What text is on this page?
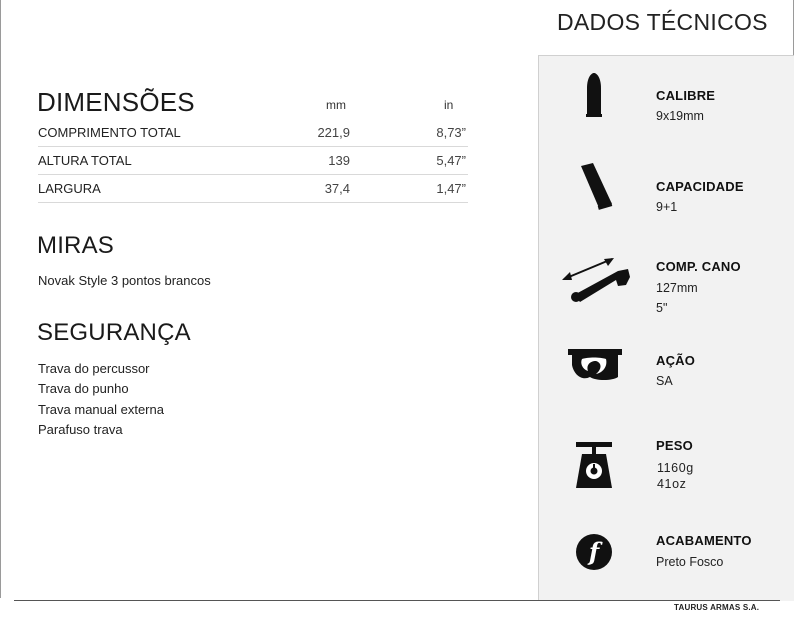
DADOS TÉCNICOS
DIMENSÕES	mm	in
COMPRIMENTO TOTAL	221,9	8,73”
ALTURA TOTAL	139	5,47”
LARGURA	37,4	1,47”
MIRAS
Novak Style 3 pontos brancos
SEGURANÇA
Trava do percussor
Trava do punho
Trava manual externa
Parafuso trava
f
CALIBRE
9x19mm
CAPACIDADE
9+1
COMP. CANO
127mm
5"
AÇÃO
SA
PESO
1160g
41oz
ACABAMENTO
Preto Fosco
TAURUS ARMAS S.A.
